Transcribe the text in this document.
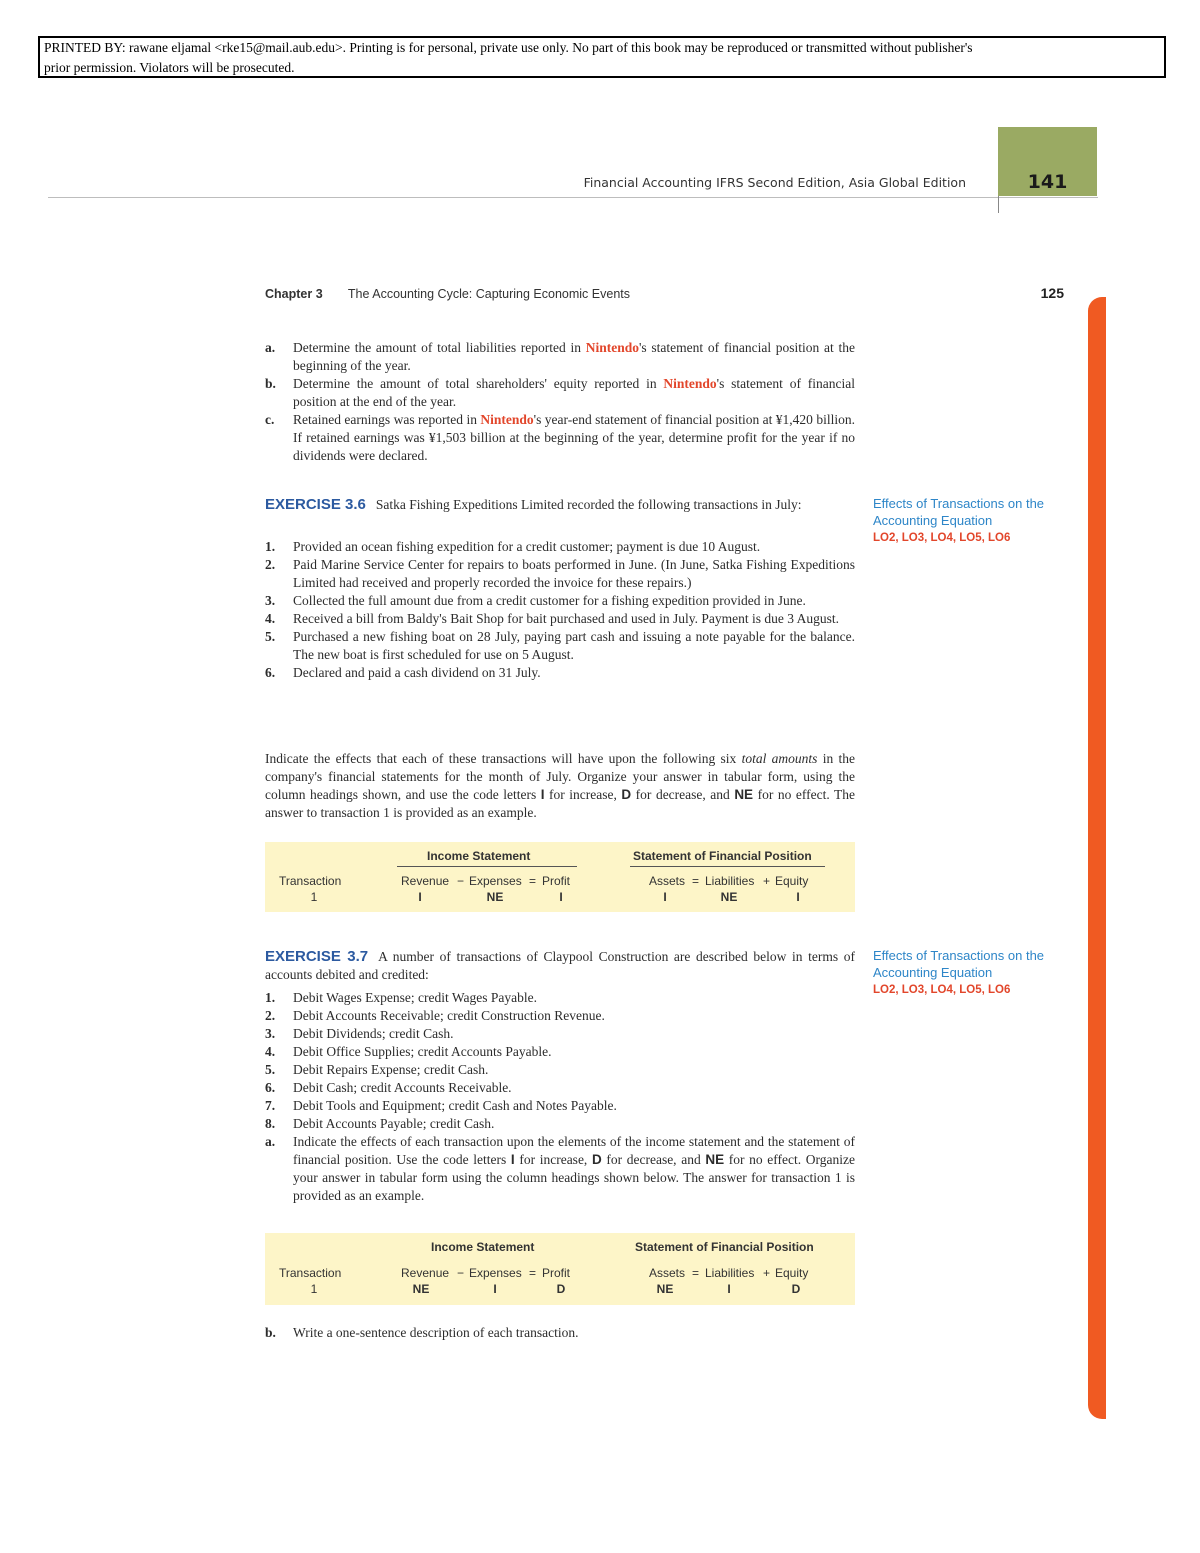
PRINTED BY: rawane eljamal <rke15@mail.aub.edu>. Printing is for personal, private use only. No part of this book may be reproduced or transmitted without publisher's
prior permission. Violators will be prosecuted.
Financial Accounting IFRS Second Edition, Asia Global Edition	141
Chapter 3 The Accounting Cycle: Capturing Economic Events	125
a. Determine the amount of total liabilities reported in Nintendo's statement of financial position at the beginning of the year.
b. Determine the amount of total shareholders' equity reported in Nintendo's statement of financial position at the end of the year.
c. Retained earnings was reported in Nintendo's year-end statement of financial position at ¥1,420 billion. If retained earnings was ¥1,503 billion at the beginning of the year, determine profit for the year if no dividends were declared.
EXERCISE 3.6 Satka Fishing Expeditions Limited recorded the following transactions in July:	Effects of Transactions on the Accounting Equation
LO2, LO3, LO4, LO5, LO6
1. Provided an ocean fishing expedition for a credit customer; payment is due 10 August.
2. Paid Marine Service Center for repairs to boats performed in June. (In June, Satka Fishing Expeditions Limited had received and properly recorded the invoice for these repairs.)
3. Collected the full amount due from a credit customer for a fishing expedition provided in June.
4. Received a bill from Baldy's Bait Shop for bait purchased and used in July. Payment is due 3 August.
5. Purchased a new fishing boat on 28 July, paying part cash and issuing a note payable for the balance. The new boat is first scheduled for use on 5 August.
6. Declared and paid a cash dividend on 31 July.
Indicate the effects that each of these transactions will have upon the following six total amounts in the company's financial statements for the month of July. Organize your answer in tabular form, using the column headings shown, and use the code letters I for increase, D for decrease, and NE for no effect. The answer to transaction 1 is provided as an example.
Income Statement	Statement of Financial Position
Transaction	Revenue − Expenses = Profit	Assets = Liabilities + Equity
1	I	NE	I	I	NE	I
EXERCISE 3.7 A number of transactions of Claypool Construction are described below in terms of accounts debited and credited:
Effects of Transactions on the Accounting Equation
LO2, LO3, LO4, LO5, LO6
1. Debit Wages Expense; credit Wages Payable.
2. Debit Accounts Receivable; credit Construction Revenue.
3. Debit Dividends; credit Cash.
4. Debit Office Supplies; credit Accounts Payable.
5. Debit Repairs Expense; credit Cash.
6. Debit Cash; credit Accounts Receivable.
7. Debit Tools and Equipment; credit Cash and Notes Payable.
8. Debit Accounts Payable; credit Cash.
a. Indicate the effects of each transaction upon the elements of the income statement and the statement of financial position. Use the code letters I for increase, D for decrease, and NE for no effect. Organize your answer in tabular form using the column headings shown below. The answer for transaction 1 is provided as an example.
Income Statement	Statement of Financial Position
Transaction	Revenue − Expenses = Profit	Assets = Liabilities + Equity
1	NE	I	D	NE	I	D
b. Write a one-sentence description of each transaction.
